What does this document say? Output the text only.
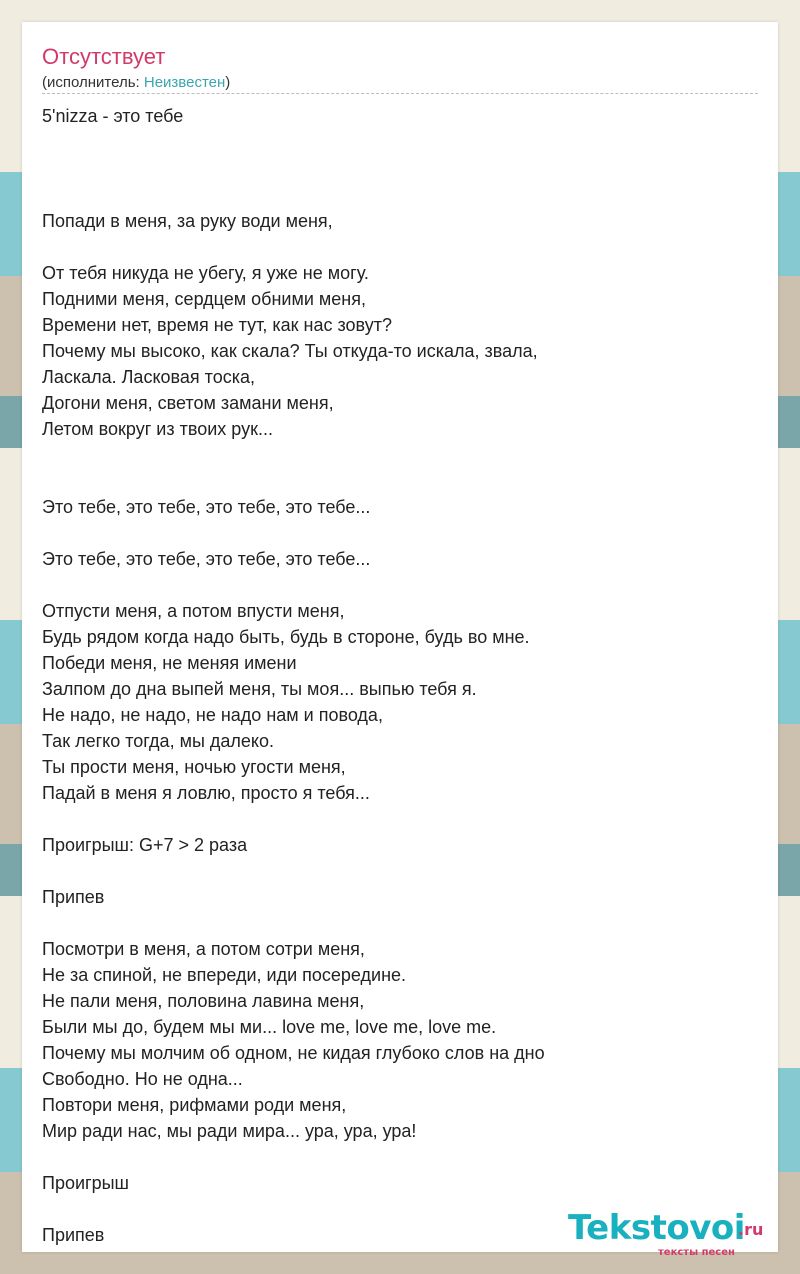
Отсутствует
(исполнитель: Неизвестен)
5'nizza - это тебе
Попади в меня, за руку води меня,
От тебя никуда не убегу, я уже не могу.
Подними меня, сердцем обними меня,
Времени нет, время не тут, как нас зовут?
Почему мы высоко, как скала? Ты откуда-то искала, звала,
Ласкала. Ласковая тоска,
Догони меня, светом замани меня,
Летом вокруг из твоих рук...
Это тебе, это тебе, это тебе, это тебе...
Это тебе, это тебе, это тебе, это тебе...
Отпусти меня, а потом впусти меня,
Будь рядом когда надо быть, будь в стороне, будь во мне.
Победи меня, не меняя имени
Залпом до дна выпей меня, ты моя... выпью тебя я.
Не надо, не надо, не надо нам и повода,
Так легко тогда, мы далеко.
Ты прости меня, ночью угости меня,
Падай в меня я ловлю, просто я тебя...
Проигрыш: G+7 > 2 раза
Припев
Посмотри в меня, а потом сотри меня,
Не за спиной, не впереди, иди посередине.
Не пали меня, половина лавина меня,
Были мы до, будем мы ми... love me, love me, love me.
Почему мы молчим об одном, не кидая глубоко слов на дно
Свободно. Но не одна...
Повтори меня, рифмами роди меня,
Мир ради нас, мы ради мира... ура, ура, ура!
Проигрыш
Припев	Tekstovoi
.ru
тексты песен
